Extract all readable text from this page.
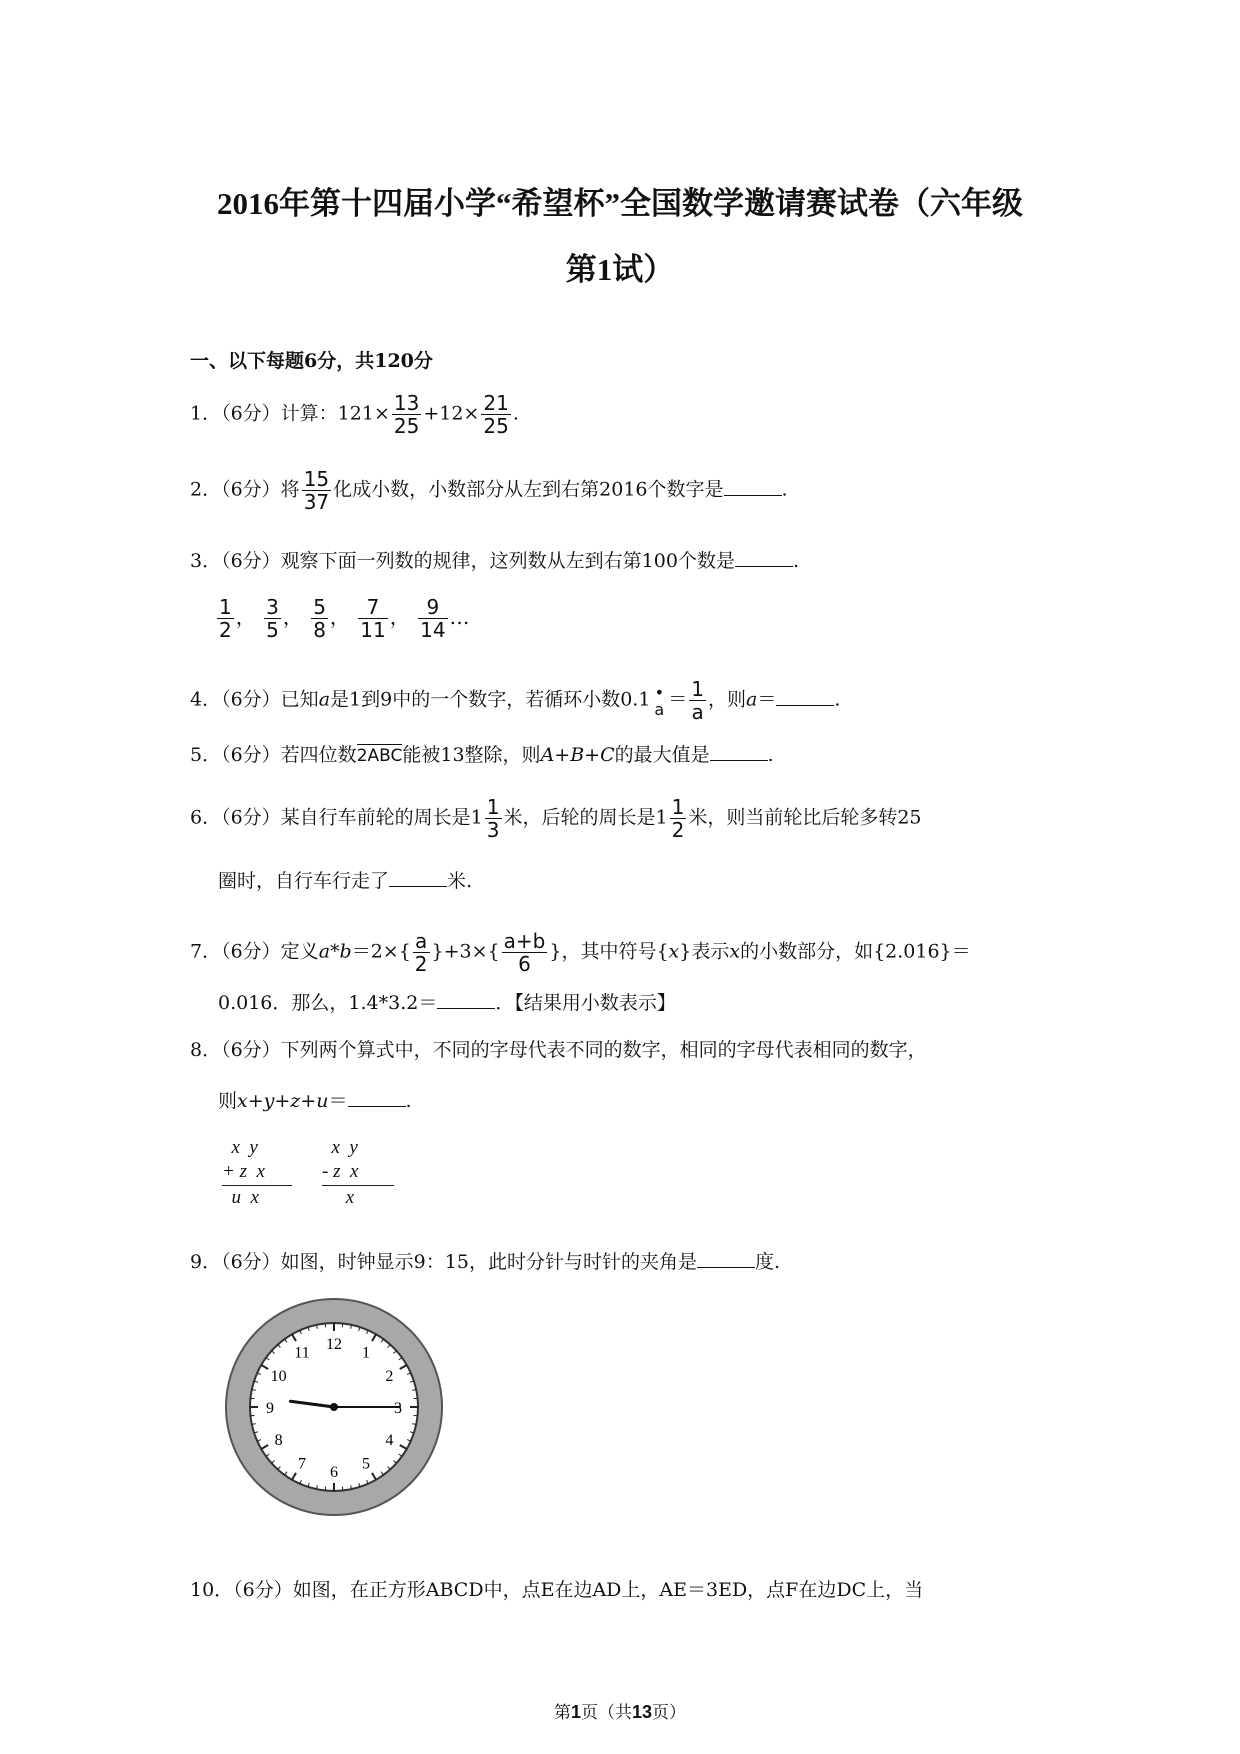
2016年第十四届小学“希望杯”全国数学邀请赛试卷（六年级
第1试）
一、以下每题6分，共120分
1．（6分）计算：$121\times \frac{13}{25} +12\times \frac{21}{25}$ .
2．（6分）将 $\frac{15}{37}$ 化成小数，小数部分从左到右第2016个数字是	.
3．（6分）观察下面一列数的规律，这列数从左到右第100个数是	.
$\frac{1}{2}$ ， $\frac{3}{5}$ ， $\frac{5}{8}$ ， $\frac{7}{11}$ ， $\frac{9}{14}$ …
4．（6分）已知a是1到9中的一个数字，若循环小数0.1 •
$a = \frac{1}{a}$ ，则a＝	.
5．（6分）若四位数2ABC能被13整除，则A+B+C的最大值是	.
6．（6分）某自行车前轮的周长是$1 \frac{1}{3}$ 米，后轮的周长是$1 \frac{1}{2}$ 米，则当前轮比后轮多转25
圈时，自行车行走了	米.
7．（6分）定义$a*b=2\times\{ \frac{a}{2} \}+3\times\{ \frac{a+b}{6}$ }，其中符号{x}表示x的小数部分，如{2.016}＝
0.016．那么，1.4*3.2＝	．【结果用小数表示】
8．（6分）下列两个算式中，不同的字母代表不同的数字，相同的字母代表相同的数字，
则x+y+z+u＝	.
x  y
+ z  x
u  x
x  y
- z  x
x
9．（6分）如图，时钟显示9：15，此时分针与时针的夹角是	度.
12
1
2
3
4
5
6
7
8
9
10
11
10．（6分）如图，在正方形ABCD中，点E在边AD上，AE＝3ED，点F在边DC上，当
第1页（共13页）
